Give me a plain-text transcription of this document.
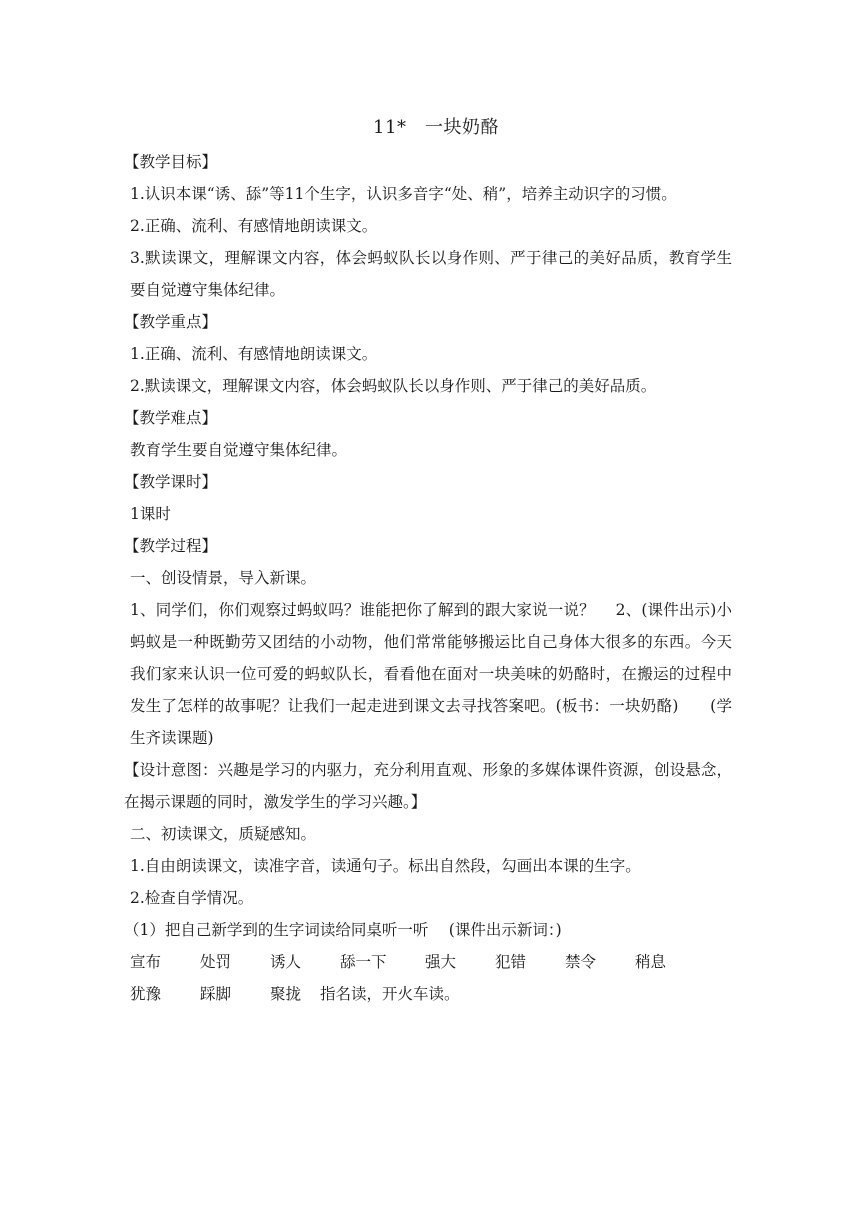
11*　一块奶酪

【教学目标】

1.认识本课“诱、舔”等11个生字，认识多音字“处、稍”，培养主动识字的习惯。

2.正确、流利、有感情地朗读课文。

3.默读课文，理解课文内容，体会蚂蚁队长以身作则、严于律己的美好品质，教育学生要自觉遵守集体纪律。

【教学重点】

1.正确、流利、有感情地朗读课文。

2.默读课文，理解课文内容，体会蚂蚁队长以身作则、严于律己的美好品质。

【教学难点】

教育学生要自觉遵守集体纪律。

【教学课时】

1课时

【教学过程】

一、创设情景，导入新课。

1、同学们，你们观察过蚂蚁吗？谁能把你了解到的跟大家说一说？　 2、(课件出示)小蚂蚁是一种既勤劳又团结的小动物，他们常常能够搬运比自己身体大很多的东西。今天我们家来认识一位可爱的蚂蚁队长，看看他在面对一块美味的奶酪时，在搬运的过程中发生了怎样的故事呢？让我们一起走进到课文去寻找答案吧。(板书：一块奶酪)　　(学生齐读课题)

【设计意图：兴趣是学习的内驱力，充分利用直观、形象的多媒体课件资源，创设悬念，在揭示课题的同时，激发学生的学习兴趣。】

二、初读课文，质疑感知。

1.自由朗读课文，读准字音，读通句子。标出自然段，勾画出本课的生字。

2.检查自学情况。

（1）把自己新学到的生字词读给同桌听一听　 (课件出示新词：)

宣布	处罚	诱人	舔一下	强大	犯错	禁令	稍息
犹豫	踩脚	聚拢	指名读，开火车读。
